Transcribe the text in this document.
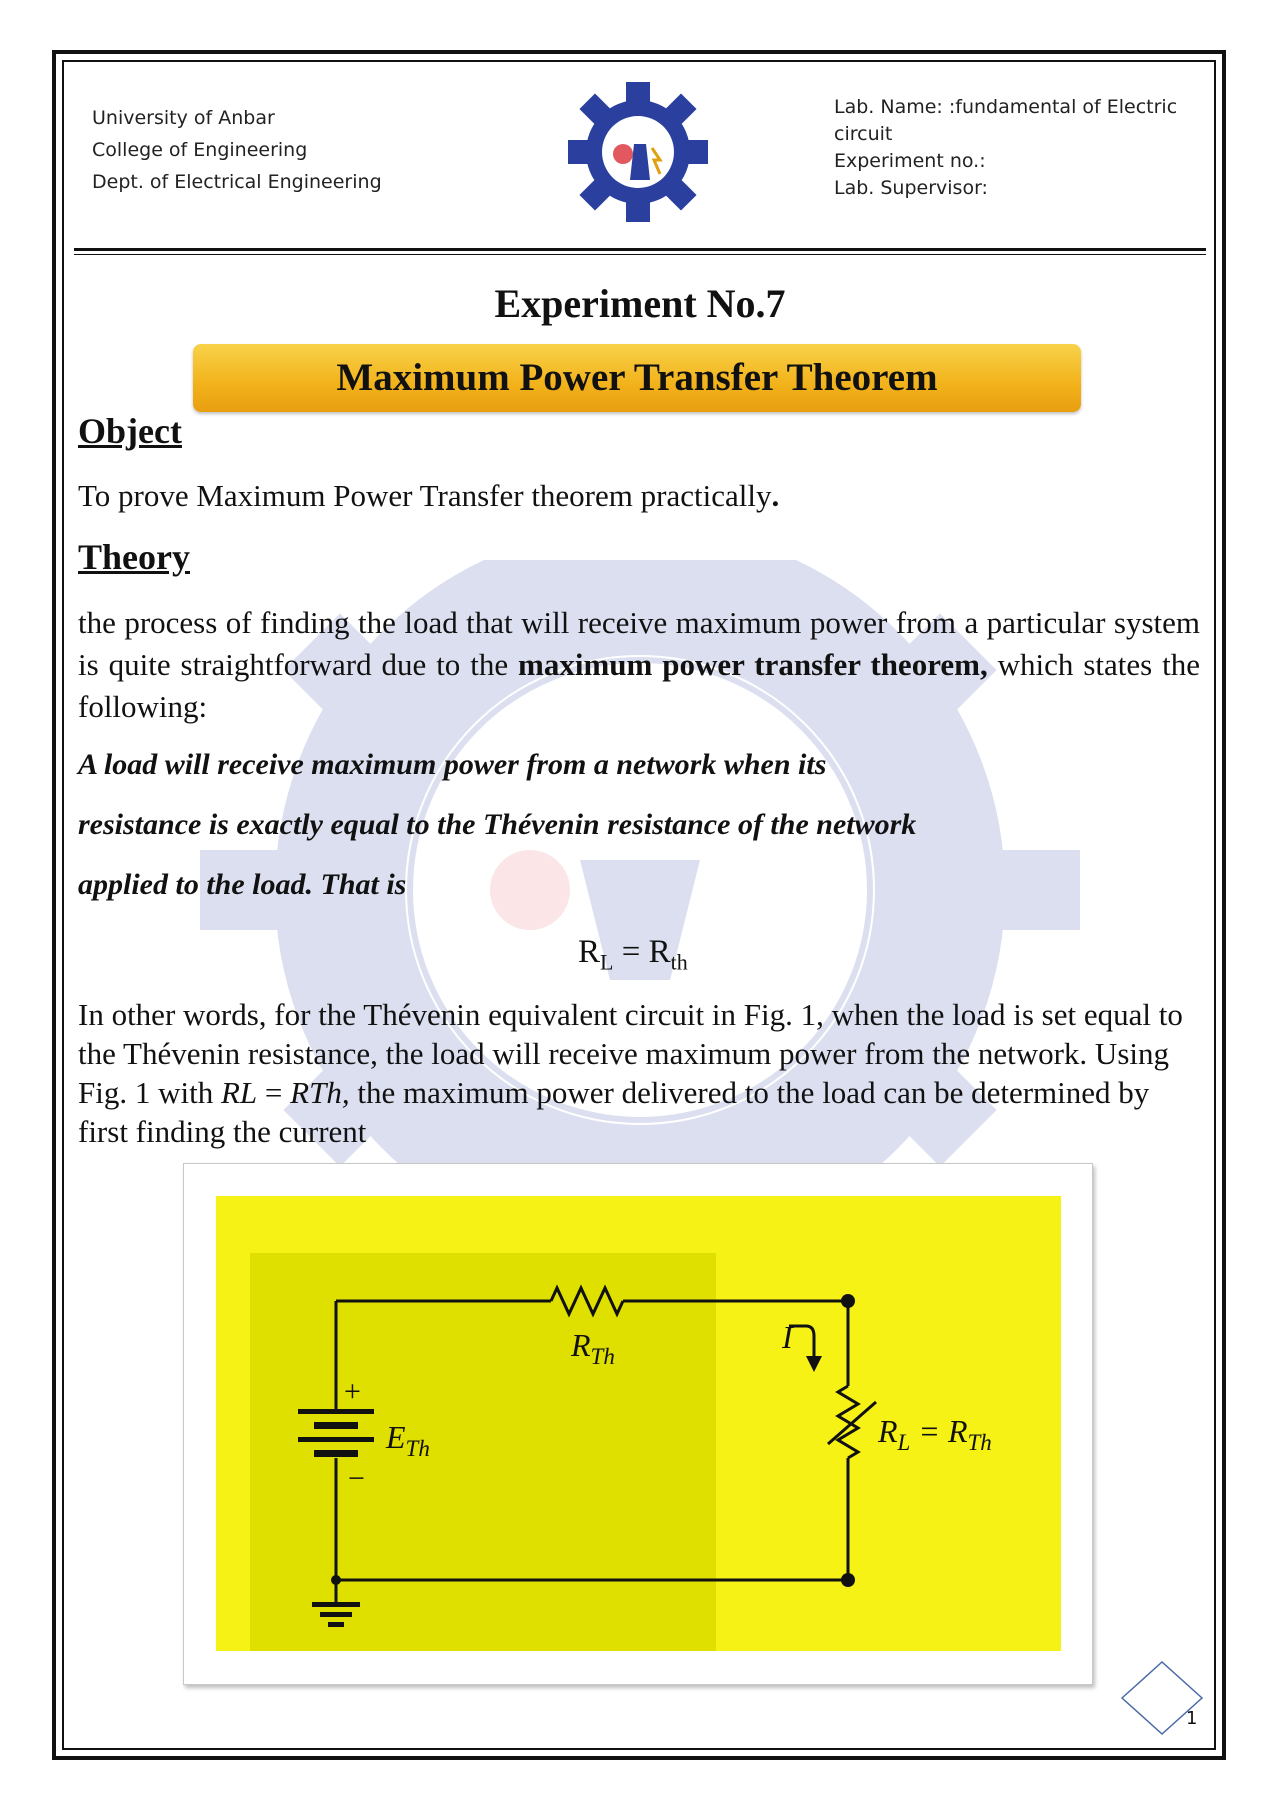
University of Anbar
College of Engineering
Dept. of Electrical Engineering
Lab. Name: :fundamental of Electric
circuit
Experiment no.:
Lab. Supervisor:
Experiment No.7
Maximum Power Transfer Theorem
Object
To prove Maximum Power Transfer theorem practically.
Theory
the process of finding the load that will receive maximum power from a particular system is quite straightforward due to the maximum power transfer theorem, which states the following:
A load will receive maximum power from a network when its
resistance is exactly equal to the Thévenin resistance of the network
applied to the load. That is
$R_L = R_{th}$
In other words, for the Thévenin equivalent circuit in Fig. 1, when the load is set equal to the Thévenin resistance, the load will receive maximum power from the network. Using Fig. 1 with RL = RTh, the maximum power delivered to the load can be determined by first finding the current
$R_{Th}$
I
+
−
$E_{Th}$	$R_L = R_{Th}$
1
